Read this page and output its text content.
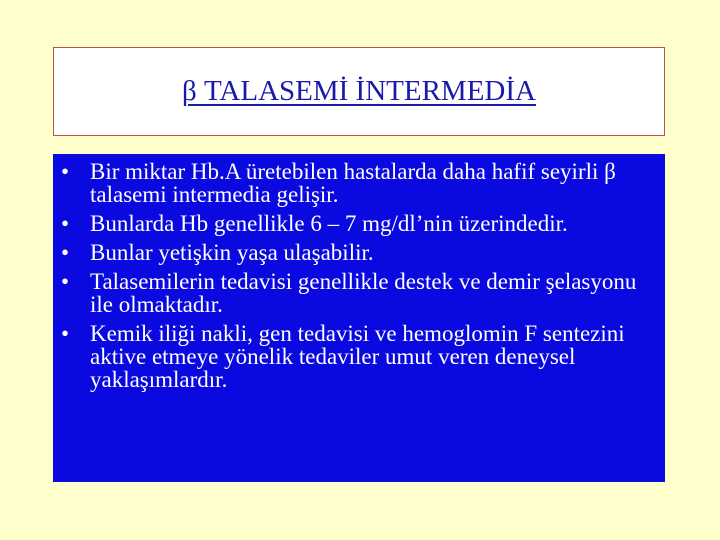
β TALASEMİ İNTERMEDİA
• Bir miktar Hb.A üretebilen hastalarda daha hafif seyirli β talasemi intermedia gelişir.
• Bunlarda Hb genellikle 6 – 7 mg/dl’nin üzerindedir.
• Bunlar yetişkin yaşa ulaşabilir.
• Talasemilerin tedavisi genellikle destek ve demir şelasyonu ile olmaktadır.
• Kemik iliği nakli, gen tedavisi ve hemoglomin F sentezini aktive etmeye yönelik tedaviler umut veren deneysel yaklaşımlardır.
